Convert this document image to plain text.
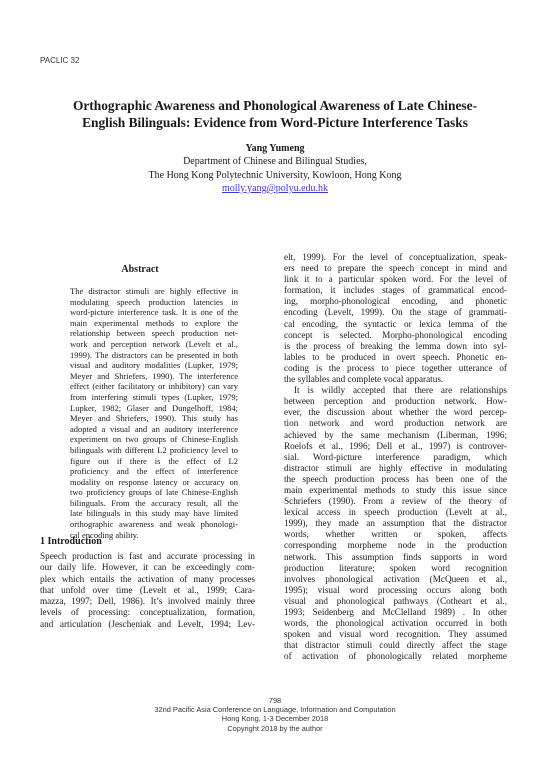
PACLIC 32
Orthographic Awareness and Phonological Awareness of Late Chinese-
English Bilinguals: Evidence from Word-Picture Interference Tasks
Yang Yumeng
Department of Chinese and Bilingual Studies,
The Hong Kong Polytechnic University, Kowloon, Hong Kong
molly.yang@polyu.edu.hk
Abstract
The distractor stimuli are highly effective in
modulating speech production latencies in
word-picture interference task. It is one of the
main experimental methods to explore the
relationship between speech production net-
work and perception network (Levelt et al.,
1999). The distractors can be presented in both
visual and auditory modalities (Lupker, 1979;
Meyer and Shriefers, 1990). The interference
effect (either facilitatory or inhibitory) can vary
from interfering stimuli types (Lupker, 1979;
Lupker, 1982; Glaser and Dungelhoff, 1984;
Meyer and Shriefers, 1990). This study has
adopted a visual and an auditory interference
experiment on two groups of Chinese-English
bilinguals with different L2 proficiency level to
figure out if there is the effect of L2
proficiency and the effect of interference
modality on response latency or accuracy on
two proficiency groups of late Chinese-English
bilinguals. From the accuracy result, all the
late bilinguals in this study may have limited
orthographic awareness and weak phonologi-
cal encoding ability.
1 Introduction
Speech production is fast and accurate processing in
our daily life. However, it can be exceedingly com-
plex which entails the activation of many processes
that unfold over time (Levelt et al., 1999; Cara-
mazza, 1997; Dell, 1986). It’s involved mainly three
levels of processing: conceptualization, formation,
and articulation (Jescheniak and Levelt, 1994; Lev-
elt, 1999). For the level of conceptualization, speak-
ers need to prepare the speech concept in mind and
link it to a particular spoken word. For the level of
formation, it includes stages of grammatical encod-
ing, morpho-phonological encoding, and phonetic
encoding (Levelt, 1999). On the stage of grammati-
cal encoding, the syntactic or lexica lemma of the
concept is selected. Morpho-phonological encoding
is the process of breaking the lemma down into syl-
lables to be produced in overt speech. Phonetic en-
coding is the process to piece together utterance of
the syllables and complete vocal apparatus.
It is wildly accepted that there are relationships
between perception and production network. How-
ever, the discussion about whether the word percep-
tion network and word production network are
achieved by the same mechanism (Liberman, 1996;
Roelofs et al., 1996; Dell et al., 1997) is controver-
sial. Word-picture interference paradigm, which
distractor stimuli are highly effective in modulating
the speech production process has been one of the
main experimental methods to study this issue since
Schriefers (1990). From a review of the theory of
lexical access in speech production (Levelt at al.,
1999), they made an assumption that the distractor
words, whether written or spoken, affects
corresponding morpheme node in the production
network. This assumption finds supports in word
production literature; spoken word recognition
involves phonological activation (McQueen et al.,
1995); visual word processing occurs along both
visual and phonological pathways (Cotheart et al.,
1993; Seidenberg and McClelland 1989) . In other
words, the phonological activation occurred in both
spoken and visual word recognition. They assumed
that distractor stimuli could directly affect the stage
of activation of phonologically related morpheme
798
32nd Pacific Asia Conference on Language, Information and Computation
Hong Kong, 1-3 December 2018
Copyright 2018 by the author
